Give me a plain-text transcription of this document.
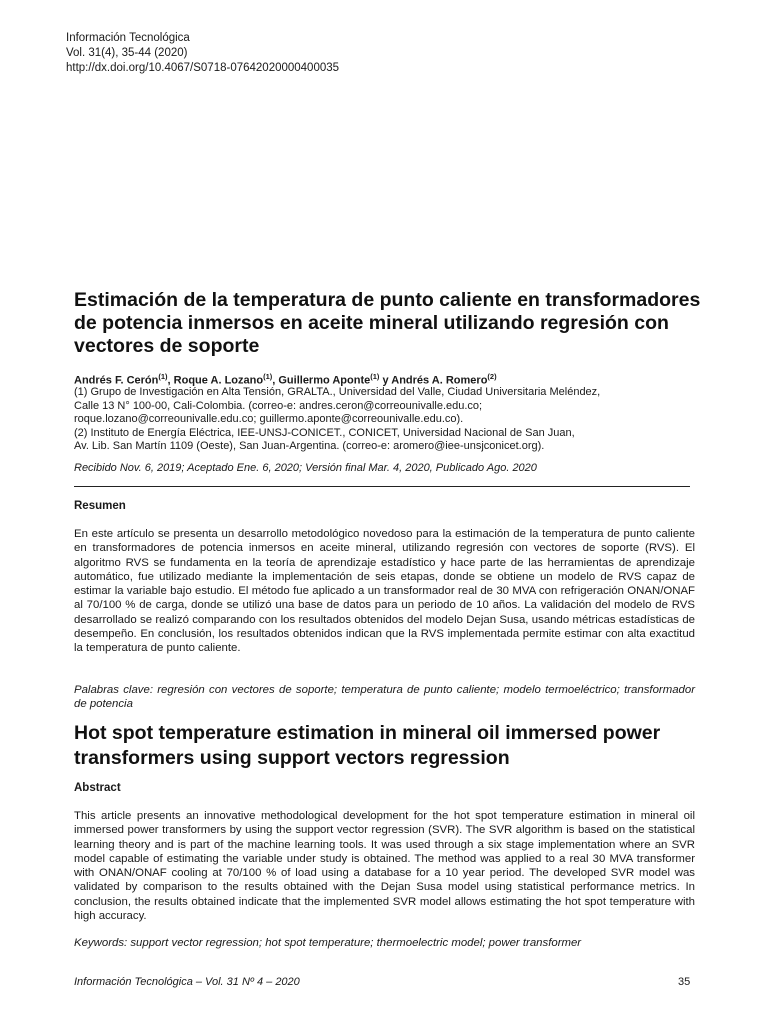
Información Tecnológica
Vol. 31(4), 35-44 (2020)
http://dx.doi.org/10.4067/S0718-07642020000400035
Estimación de la temperatura de punto caliente en transformadores de potencia inmersos en aceite mineral utilizando regresión con vectores de soporte
Andrés F. Cerón$^{(1)}$, Roque A. Lozano$^{(1)}$, Guillermo Aponte$^{(1)}$ y Andrés A. Romero$^{(2)}$
(1) Grupo de Investigación en Alta Tensión, GRALTA., Universidad del Valle, Ciudad Universitaria Meléndez,
Calle 13 N° 100-00, Cali-Colombia. (correo-e: andres.ceron@correounivalle.edu.co;
roque.lozano@correounivalle.edu.co; guillermo.aponte@correounivalle.edu.co).
(2) Instituto de Energía Eléctrica, IEE-UNSJ-CONICET., CONICET, Universidad Nacional de San Juan,
Av. Lib. San Martín 1109 (Oeste), San Juan-Argentina. (correo-e: aromero@iee-unsjconicet.org).
Recibido Nov. 6, 2019; Aceptado Ene. 6, 2020; Versión final Mar. 4, 2020, Publicado Ago. 2020
Resumen
En este artículo se presenta un desarrollo metodológico novedoso para la estimación de la temperatura de punto caliente en transformadores de potencia inmersos en aceite mineral, utilizando regresión con vectores de soporte (RVS). El algoritmo RVS se fundamenta en la teoría de aprendizaje estadístico y hace parte de las herramientas de aprendizaje automático, fue utilizado mediante la implementación de seis etapas, donde se obtiene un modelo de RVS capaz de estimar la variable bajo estudio. El método fue aplicado a un transformador real de 30 MVA con refrigeración ONAN/ONAF al 70/100 % de carga, donde se utilizó una base de datos para un periodo de 10 años. La validación del modelo de RVS desarrollado se realizó comparando con los resultados obtenidos del modelo Dejan Susa, usando métricas estadísticas de desempeño. En conclusión, los resultados obtenidos indican que la RVS implementada permite estimar con alta exactitud la temperatura de punto caliente.
Palabras clave: regresión con vectores de soporte; temperatura de punto caliente; modelo termoeléctrico; transformador de potencia
Hot spot temperature estimation in mineral oil immersed power transformers using support vectors regression
Abstract
This article presents an innovative methodological development for the hot spot temperature estimation in mineral oil immersed power transformers by using the support vector regression (SVR). The SVR algorithm is based on the statistical learning theory and is part of the machine learning tools. It was used through a six stage implementation where an SVR model capable of estimating the variable under study is obtained. The method was applied to a real 30 MVA transformer with ONAN/ONAF cooling at 70/100 % of load using a database for a 10 year period. The developed SVR model was validated by comparison to the results obtained with the Dejan Susa model using statistical performance metrics. In conclusion, the results obtained indicate that the implemented SVR model allows estimating the hot spot temperature with high accuracy.
Keywords: support vector regression; hot spot temperature; thermoelectric model; power transformer
Información Tecnológica – Vol. 31 Nº 4 – 2020	35
